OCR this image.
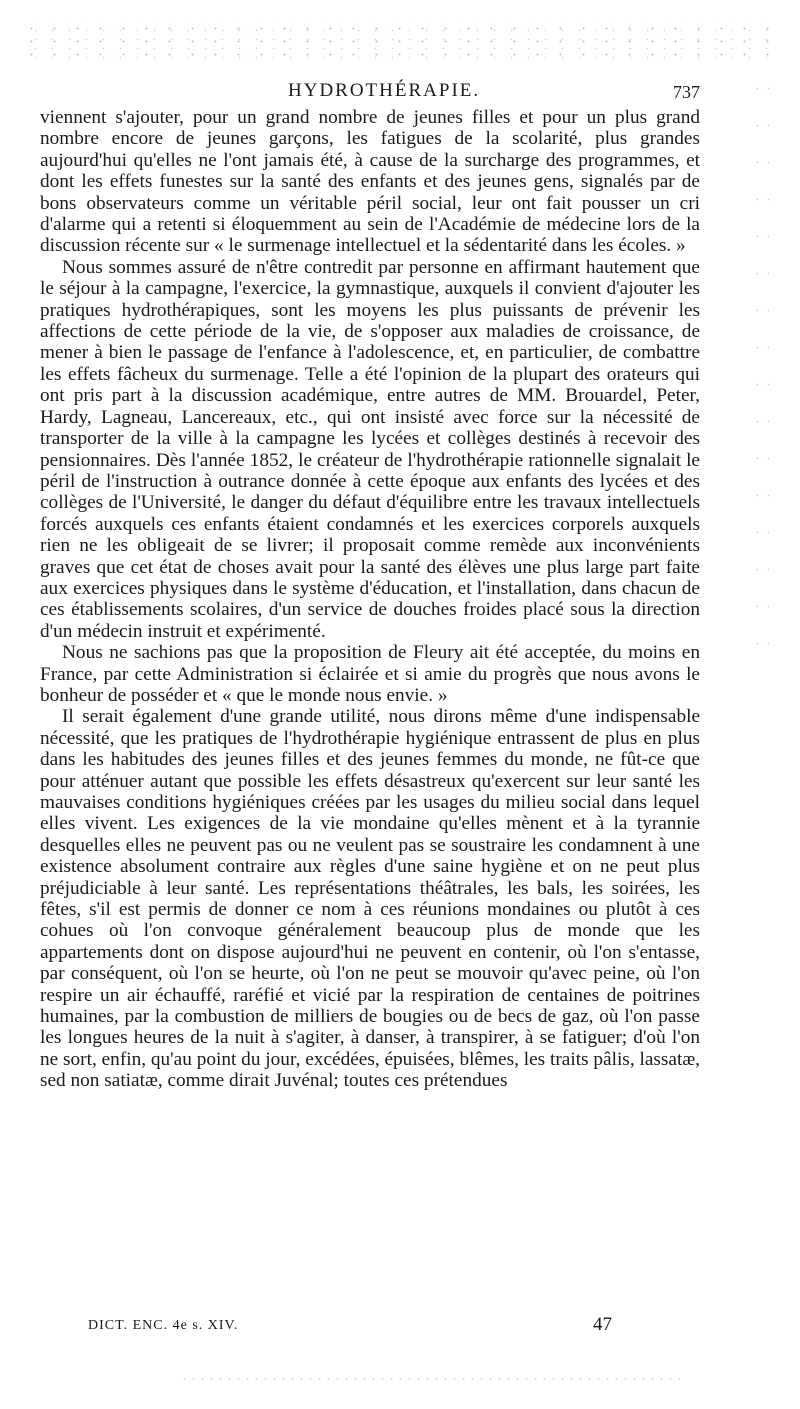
HYDROTHÉRAPIE.	737

viennent s'ajouter, pour un grand nombre de jeunes filles et pour un plus grand nombre encore de jeunes garçons, les fatigues de la scolarité, plus grandes aujourd'hui qu'elles ne l'ont jamais été, à cause de la surcharge des programmes, et dont les effets funestes sur la santé des enfants et des jeunes gens, signalés par de bons observateurs comme un véritable péril social, leur ont fait pousser un cri d'alarme qui a retenti si éloquemment au sein de l'Académie de médecine lors de la discussion récente sur « le surmenage intellectuel et la sédentarité dans les écoles. »

Nous sommes assuré de n'être contredit par personne en affirmant hautement que le séjour à la campagne, l'exercice, la gymnastique, auxquels il convient d'ajouter les pratiques hydrothérapiques, sont les moyens les plus puissants de prévenir les affections de cette période de la vie, de s'opposer aux maladies de croissance, de mener à bien le passage de l'enfance à l'adolescence, et, en particulier, de combattre les effets fâcheux du surmenage. Telle a été l'opinion de la plupart des orateurs qui ont pris part à la discussion académique, entre autres de MM. Brouardel, Peter, Hardy, Lagneau, Lancereaux, etc., qui ont insisté avec force sur la nécessité de transporter de la ville à la campagne les lycées et collèges destinés à recevoir des pensionnaires. Dès l'année 1852, le créateur de l'hydrothérapie rationnelle signalait le péril de l'instruction à outrance donnée à cette époque aux enfants des lycées et des collèges de l'Université, le danger du défaut d'équilibre entre les travaux intellectuels forcés auxquels ces enfants étaient condamnés et les exercices corporels auxquels rien ne les obligeait de se livrer; il proposait comme remède aux inconvénients graves que cet état de choses avait pour la santé des élèves une plus large part faite aux exercices physiques dans le système d'éducation, et l'installation, dans chacun de ces établissements scolaires, d'un service de douches froides placé sous la direction d'un médecin instruit et expérimenté.

Nous ne sachions pas que la proposition de Fleury ait été acceptée, du moins en France, par cette Administration si éclairée et si amie du progrès que nous avons le bonheur de posséder et « que le monde nous envie. »

Il serait également d'une grande utilité, nous dirons même d'une indispensable nécessité, que les pratiques de l'hydrothérapie hygiénique entrassent de plus en plus dans les habitudes des jeunes filles et des jeunes femmes du monde, ne fût-ce que pour atténuer autant que possible les effets désastreux qu'exercent sur leur santé les mauvaises conditions hygiéniques créées par les usages du milieu social dans lequel elles vivent. Les exigences de la vie mondaine qu'elles mènent et à la tyrannie desquelles elles ne peuvent pas ou ne veulent pas se soustraire les condamnent à une existence absolument contraire aux règles d'une saine hygiène et on ne peut plus préjudiciable à leur santé. Les représentations théâtrales, les bals, les soirées, les fêtes, s'il est permis de donner ce nom à ces réunions mondaines ou plutôt à ces cohues où l'on convoque généralement beaucoup plus de monde que les appartements dont on dispose aujourd'hui ne peuvent en contenir, où l'on s'entasse, par conséquent, où l'on se heurte, où l'on ne peut se mouvoir qu'avec peine, où l'on respire un air échauffé, raréfié et vicié par la respiration de centaines de poitrines humaines, par la combustion de milliers de bougies ou de becs de gaz, où l'on passe les longues heures de la nuit à s'agiter, à danser, à transpirer, à se fatiguer; d'où l'on ne sort, enfin, qu'au point du jour, excédées, épuisées, blêmes, les traits pâlis, lassatæ, sed non satiatæ, comme dirait Juvénal; toutes ces prétendues

DICT. ENC. 4e s. XIV.	47
